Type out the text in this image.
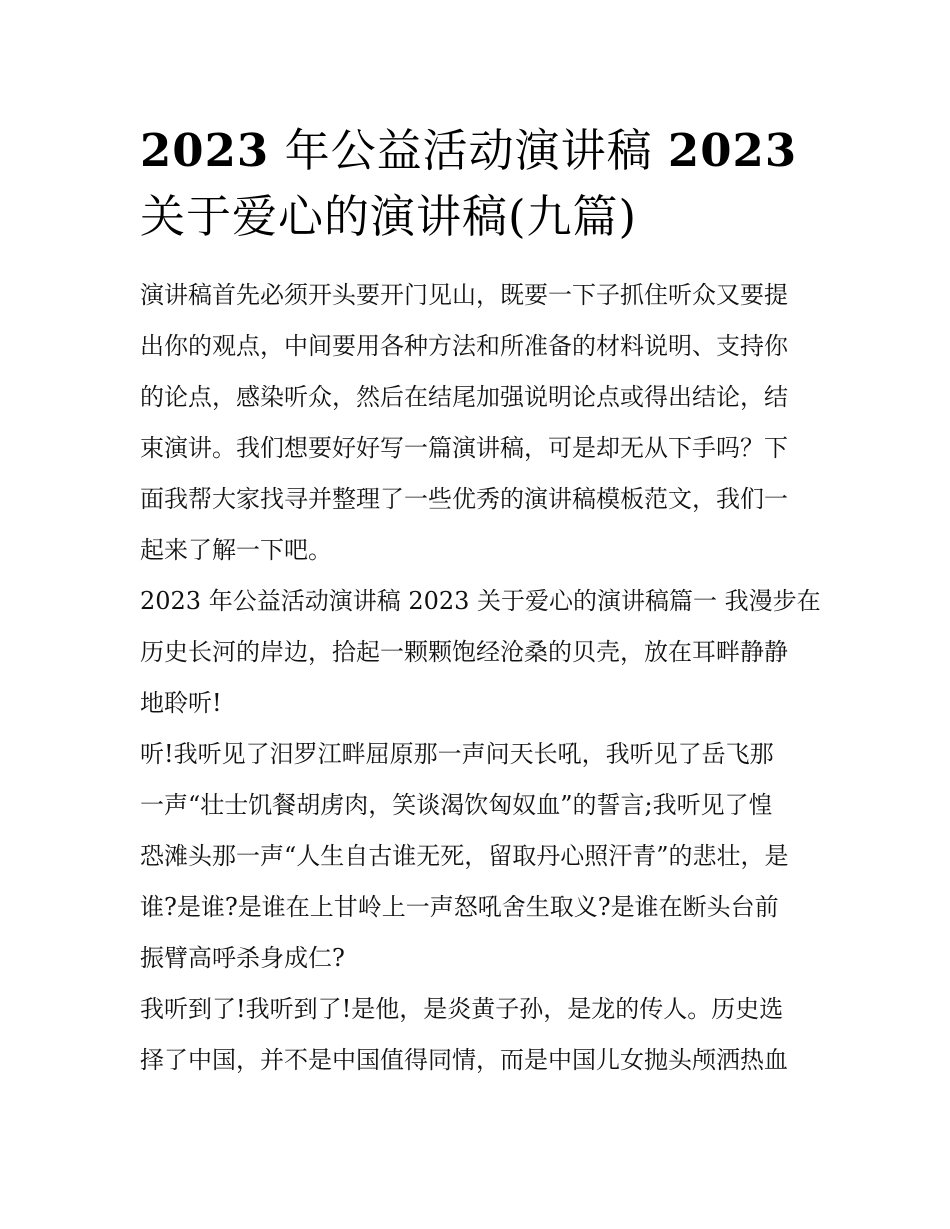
2023 年公益活动演讲稿 2023
关于爱心的演讲稿(九篇)

演讲稿首先必须开头要开门见山，既要一下子抓住听众又要提
出你的观点，中间要用各种方法和所准备的材料说明、支持你
的论点，感染听众，然后在结尾加强说明论点或得出结论，结
束演讲。我们想要好好写一篇演讲稿，可是却无从下手吗？下
面我帮大家找寻并整理了一些优秀的演讲稿模板范文，我们一
起来了解一下吧。

2023 年公益活动演讲稿 2023 关于爱心的演讲稿篇一 我漫步在
历史长河的岸边，拾起一颗颗饱经沧桑的贝壳，放在耳畔静静
地聆听!

听!我听见了汨罗江畔屈原那一声问天长吼，我听见了岳飞那
一声“壮士饥餐胡虏肉，笑谈渴饮匈奴血”的誓言;我听见了惶
恐滩头那一声“人生自古谁无死，留取丹心照汗青”的悲壮，是
谁?是谁?是谁在上甘岭上一声怒吼舍生取义?是谁在断头台前
振臂高呼杀身成仁?

我听到了!我听到了!是他，是炎黄子孙，是龙的传人。历史选
择了中国，并不是中国值得同情，而是中国儿女抛头颅洒热血
